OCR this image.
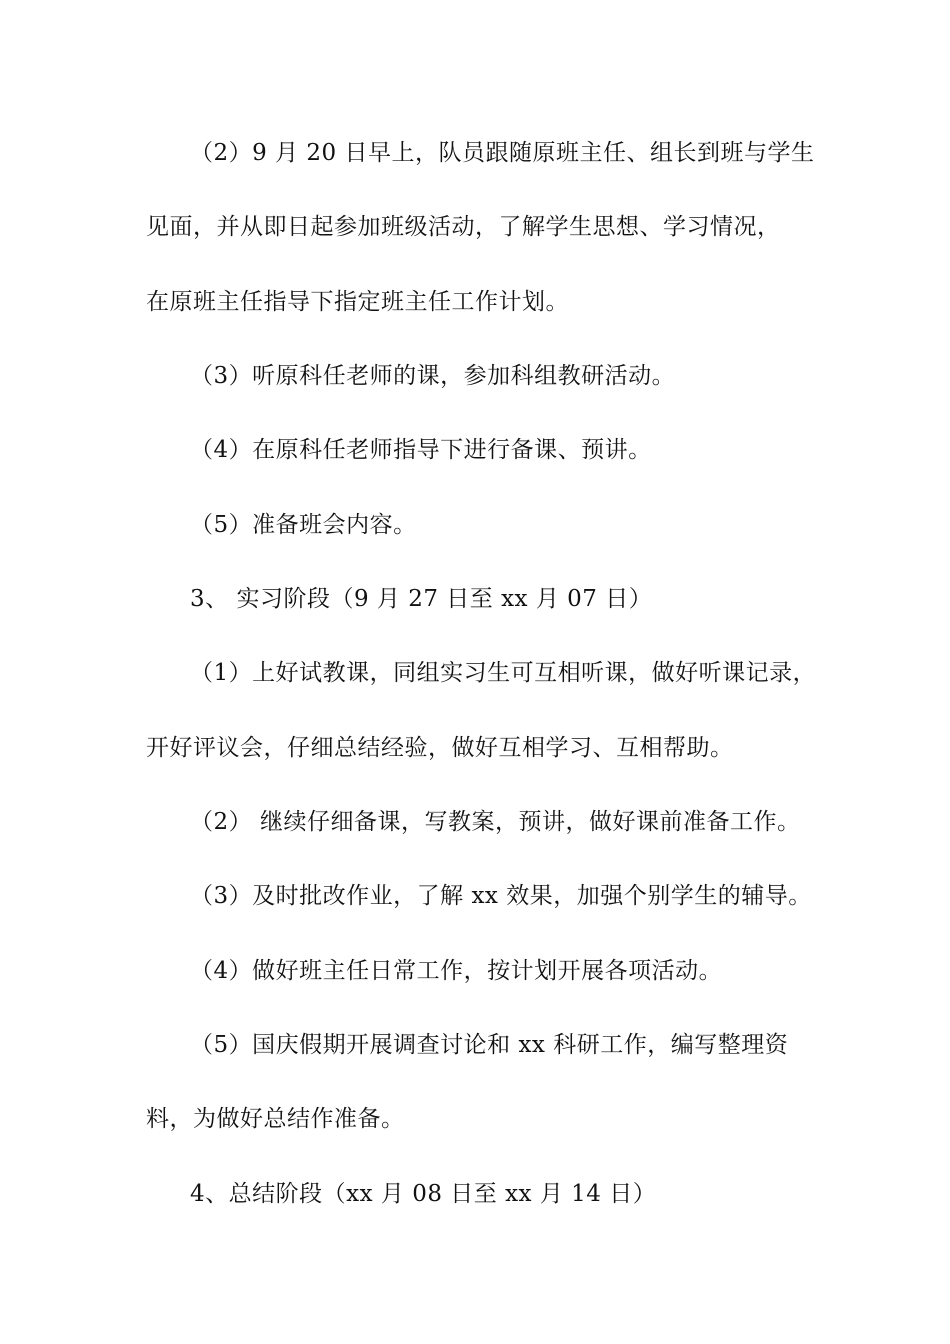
（2）9 月 20 日早上，队员跟随原班主任、组长到班与学生
见面，并从即日起参加班级活动，了解学生思想、学习情况，
在原班主任指导下指定班主任工作计划。
（3）听原科任老师的课，参加科组教研活动。
（4）在原科任老师指导下进行备课、预讲。
（5）准备班会内容。
3、 实习阶段（9 月 27 日至 xx 月 07 日）
（1）上好试教课，同组实习生可互相听课，做好听课记录，
开好评议会，仔细总结经验，做好互相学习、互相帮助。
（2） 继续仔细备课，写教案，预讲，做好课前准备工作。
（3）及时批改作业，了解 xx 效果，加强个别学生的辅导。
（4）做好班主任日常工作，按计划开展各项活动。
（5）国庆假期开展调查讨论和 xx 科研工作，编写整理资
料，为做好总结作准备。
4、总结阶段（xx 月 08 日至 xx 月 14 日）
